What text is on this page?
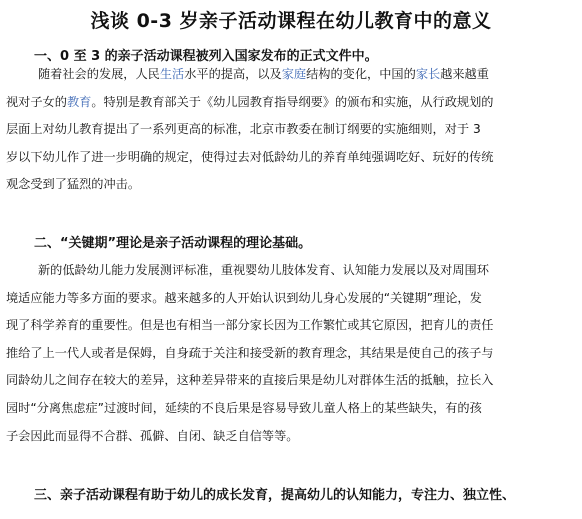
浅谈 0-3 岁亲子活动课程在幼儿教育中的意义
一、0 至 3 的亲子活动课程被列入国家发布的正式文件中。
随着社会的发展，人民生活水平的提高，以及家庭结构的变化，中国的家长越来越重
视对子女的教育。特别是教育部关于《幼儿园教育指导纲要》的颁布和实施，从行政规划的
层面上对幼儿教育提出了一系列更高的标准，北京市教委在制订纲要的实施细则，对于 3
岁以下幼儿作了进一步明确的规定，使得过去对低龄幼儿的养育单纯强调吃好、玩好的传统
观念受到了猛烈的冲击。
二、“关键期”理论是亲子活动课程的理论基础。
新的低龄幼儿能力发展测评标准，重视婴幼儿肢体发育、认知能力发展以及对周围环
境适应能力等多方面的要求。越来越多的人开始认识到幼儿身心发展的“关键期”理论，发
现了科学养育的重要性。但是也有相当一部分家长因为工作繁忙或其它原因，把育儿的责任
推给了上一代人或者是保姆，自身疏于关注和接受新的教育理念，其结果是使自己的孩子与
同龄幼儿之间存在较大的差异，这种差异带来的直接后果是幼儿对群体生活的抵触，拉长入
园时“分离焦虑症”过渡时间，延续的不良后果是容易导致儿童人格上的某些缺失，有的孩
子会因此而显得不合群、孤僻、自闭、缺乏自信等等。
三、亲子活动课程有助于幼儿的成长发育，提高幼儿的认知能力，专注力、独立性、
